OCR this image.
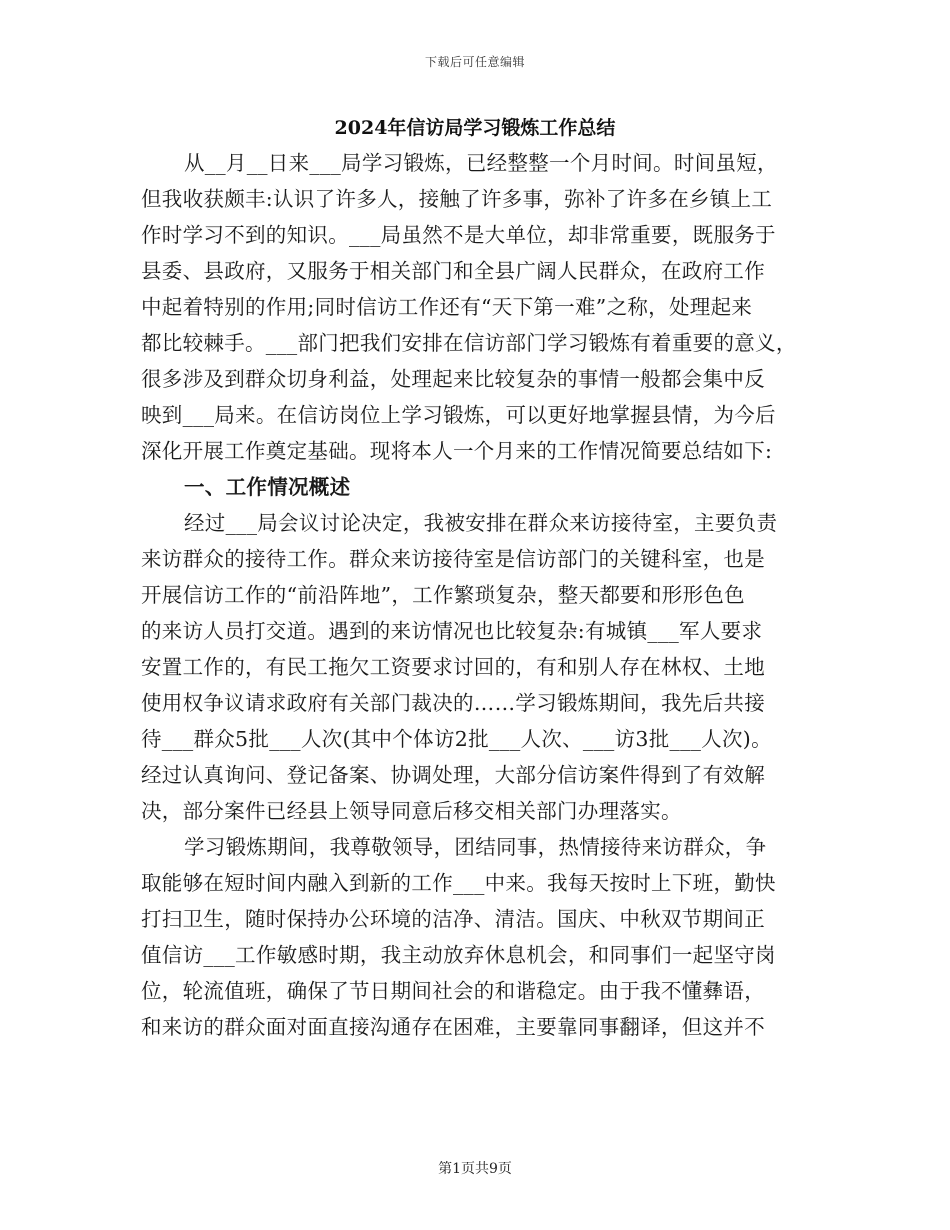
下载后可任意编辑
2024年信访局学习锻炼工作总结
从__月__日来___局学习锻炼，已经整整一个月时间。时间虽短，
但我收获颇丰:认识了许多人，接触了许多事，弥补了许多在乡镇上工
作时学习不到的知识。___局虽然不是大单位，却非常重要，既服务于
县委、县政府，又服务于相关部门和全县广阔人民群众，在政府工作
中起着特别的作用;同时信访工作还有“天下第一难”之称，处理起来
都比较棘手。___部门把我们安排在信访部门学习锻炼有着重要的意义，
很多涉及到群众切身利益，处理起来比较复杂的事情一般都会集中反
映到___局来。在信访岗位上学习锻炼，可以更好地掌握县情，为今后
深化开展工作奠定基础。现将本人一个月来的工作情况简要总结如下:
一、工作情况概述
经过___局会议讨论决定，我被安排在群众来访接待室，主要负责
来访群众的接待工作。群众来访接待室是信访部门的关键科室，也是
开展信访工作的“前沿阵地”，工作繁琐复杂，整天都要和形形色色
的来访人员打交道。遇到的来访情况也比较复杂:有城镇___军人要求
安置工作的，有民工拖欠工资要求讨回的，有和别人存在林权、土地
使用权争议请求政府有关部门裁决的……学习锻炼期间，我先后共接
待___群众5批___人次(其中个体访2批___人次、___访3批___人次)。
经过认真询问、登记备案、协调处理，大部分信访案件得到了有效解
决，部分案件已经县上领导同意后移交相关部门办理落实。
学习锻炼期间，我尊敬领导，团结同事，热情接待来访群众，争
取能够在短时间内融入到新的工作___中来。我每天按时上下班，勤快
打扫卫生，随时保持办公环境的洁净、清洁。国庆、中秋双节期间正
值信访___工作敏感时期，我主动放弃休息机会，和同事们一起坚守岗
位，轮流值班，确保了节日期间社会的和谐稳定。由于我不懂彝语，
和来访的群众面对面直接沟通存在困难，主要靠同事翻译，但这并不
第1页共9页
